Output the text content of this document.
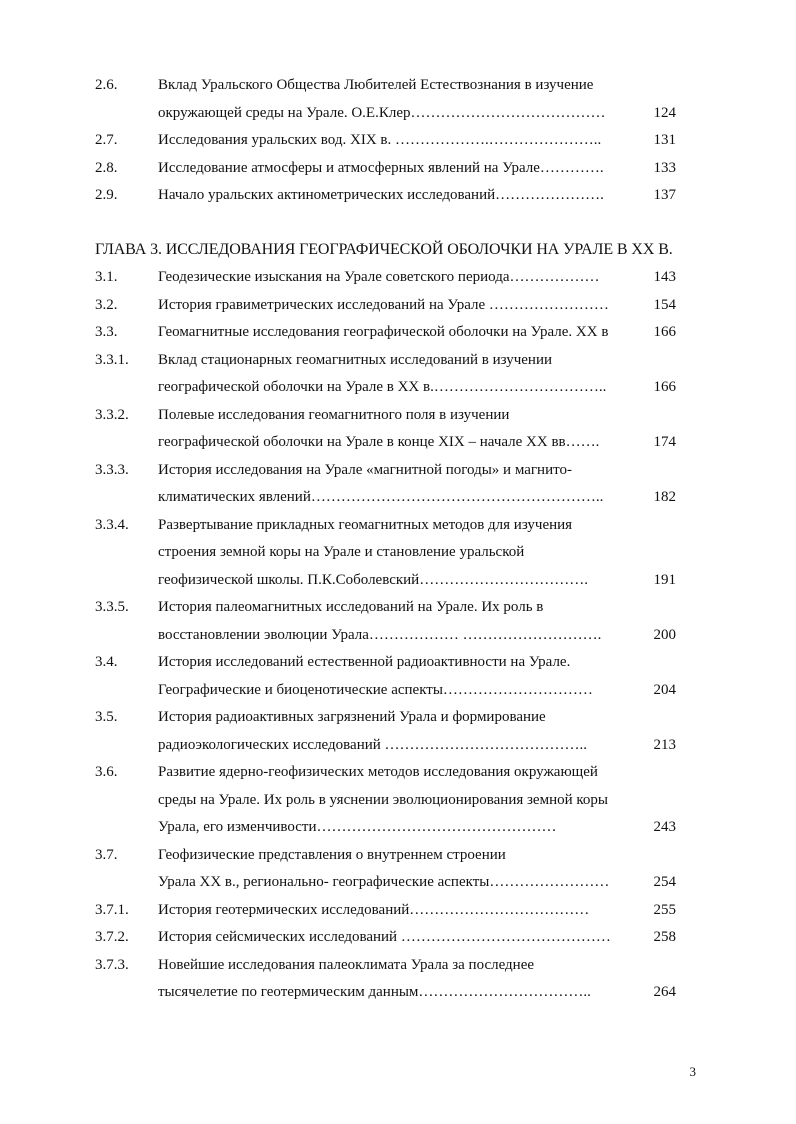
2.6.	Вклад Уральского Общества Любителей Естествознания в изучение
окружающей среды на Урале. О.Е.Клер…………………………………	124
2.7.	Исследования уральских вод. XIX в. ……………….…………………..	131
2.8.	Исследование атмосферы и атмосферных явлений на Урале………….	133
2.9.	Начало уральских актинометрических исследований………………….	137
ГЛАВА 3. ИССЛЕДОВАНИЯ ГЕОГРАФИЧЕСКОЙ ОБОЛОЧКИ НА УРАЛЕ В XX В.
3.1.	Геодезические изыскания на Урале советского периода………………	143
3.2.	История гравиметрических исследований на Урале ……………………	154
3.3.	Геомагнитные исследования географической оболочки на Урале. XX в	166
3.3.1. Вклад стационарных геомагнитных исследований в изучении
географической оболочки на Урале в XX в.……………………………..	166
3.3.2. Полевые исследования геомагнитного поля в изучении
географической оболочки на Урале в конце XIX – начале XX вв…….	174
3.3.3. История исследования на Урале «магнитной погоды» и магнито-
климатических явлений…………………………………………………..	182
3.3.4. Развертывание прикладных геомагнитных методов для изучения
строения земной коры на Урале и становление уральской
геофизической школы. П.К.Соболевский…………………………….	191
3.3.5. История палеомагнитных исследований на Урале. Их роль в
восстановлении эволюции Урала……………… ……………………….	200
3.4.	История исследований естественной радиоактивности на Урале.
Географические и биоценотические аспекты…………………………	204
3.5.	История радиоактивных загрязнений Урала и формирование
радиоэкологических исследований …………………………………..	213
3.6.	Развитие ядерно-геофизических методов исследования окружающей
среды на Урале. Их роль в уяснении эволюционирования земной коры
Урала, его изменчивости…………………………………………	243
3.7.	Геофизические представления о внутреннем строении
Урала XX в., регионально- географические аспекты……………………	254
3.7.1. История геотермических исследований………………………………	255
3.7.2. История сейсмических исследований ……………………………………	258
3.7.3. Новейшие исследования палеоклимата Урала за последнее
тысячелетие по геотермическим данным……………………………..	264
3
